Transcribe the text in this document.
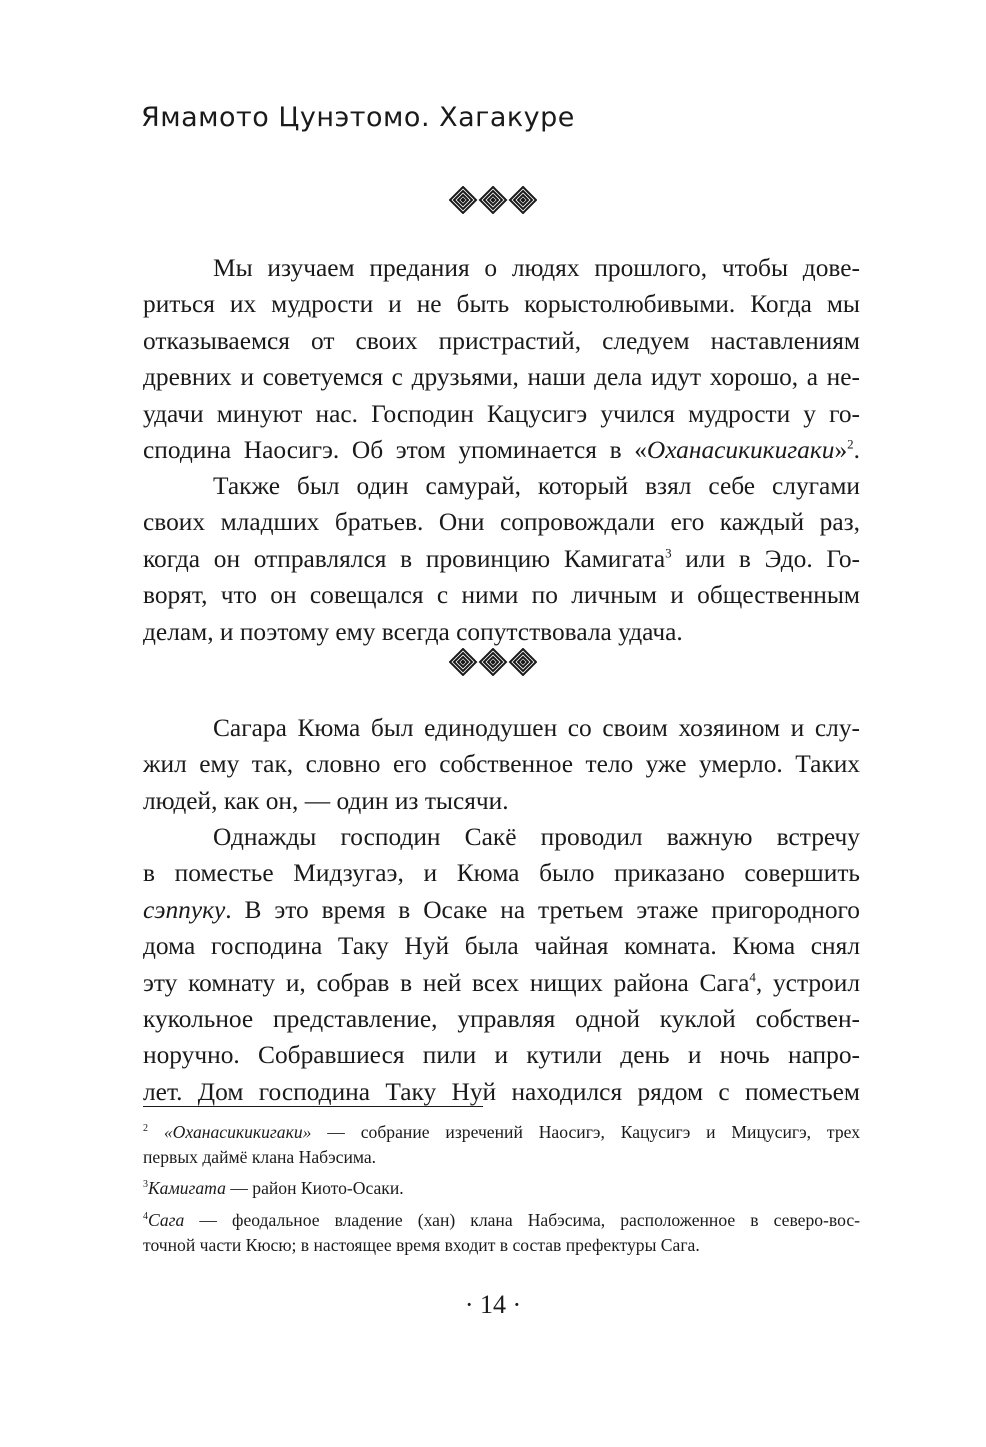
Ямамото Цунэтомо. Хагакуре
Мы изучаем предания о людях прошлого, чтобы дове-
риться их мудрости и не быть корыстолюбивыми. Когда мы
отказываемся от своих пристрастий, следуем наставлениям
древних и советуемся с друзьями, наши дела идут хорошо, а не-
удачи минуют нас. Господин Кацусигэ учился мудрости у го-
сподина Наосигэ. Об этом упоминается в «Оханасикикигаки»$^2$.
Также был один самурай, который взял себе слугами
своих младших братьев. Они сопровождали его каждый раз,
когда он отправлялся в провинцию Камигата$^3$ или в Эдо. Го-
ворят, что он совещался с ними по личным и общественным
делам, и поэтому ему всегда сопутствовала удача.
Сагара Кюма был единодушен со своим хозяином и слу-
жил ему так, словно его собственное тело уже умерло. Таких
людей, как он, — один из тысячи.
Однажды господин Сакё проводил важную встречу
в поместье Мидзугаэ, и Кюма было приказано совершить
сэппуку. В это время в Осаке на третьем этаже пригородного
дома господина Таку Нуй была чайная комната. Кюма снял
эту комнату и, собрав в ней всех нищих района Сага$^4$, устроил
кукольное представление, управляя одной куклой собствен-
норучно. Собравшиеся пили и кутили день и ночь напро-
лет. Дом господина Таку Нуй находился рядом с поместьем
$^2$ «Оханасикикигаки» — собрание изречений Наосигэ, Кацусигэ и Мицусигэ, трех
первых даймё клана Набэсима.
$^3$Камигата — район Киото-Осаки.
$^4$Сага — феодальное владение (хан) клана Набэсима, расположенное в северо-вос-
точной части Кюсю; в настоящее время входит в состав префектуры Сага.
· 14 ·
